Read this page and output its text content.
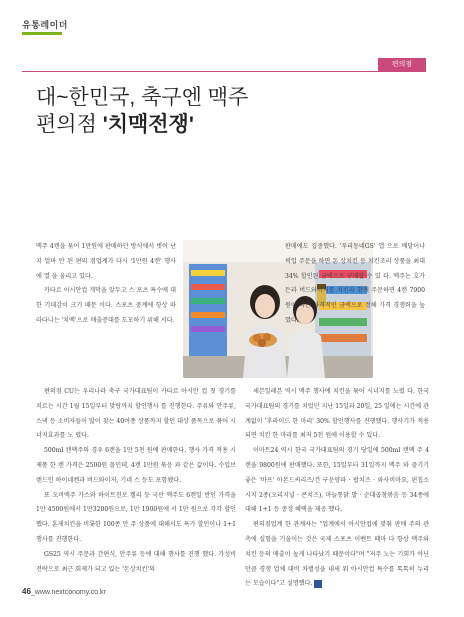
유통레이더
편의점
대~한민국, 축구엔 맥주
편의점 '치맥전쟁'

맥주 4캔을 묶어 1만원에 판매하던 방식에서 벗어 난지 얼마 안 된 편의 점업계가 다시 '1만원 4캔' 행사에 열 을 올리고 있다.

카타르 아시안컵 개막을 앞두고 스 포츠 특수에 대한 기대감이 크기 때문 이다. 스포츠 중계에 항상 따라다니는 '치맥'으로 매출증대를 도모하기 위해 서다.

편의점 CU는 우리나라 축구 국가대표팀이 카타르 아시안 컵 첫 경기를 치르는 시간 1월 15일부터 맞랑까지 할인행사 를 진행한다. 주류와 안주류, 스낵 등 소비자들이 많이 찾는 40여종 상품까지 할인 대상 품목으로 묶어 시너지효과를 노 렸다.

500ml 캔맥주의 경우 6캔을 1만 5천 원에 판매한다. 행사 가격 적용 시 제품 한 캔 가격은 2500원 꼴인데, 4캔 1만원 묶음 과 같은 값이다. 수입브랜드인 하이네켄과 버드와이저, 기네 스 등도 포함됐다.

또 오비맥주 카스와 하이트진로 켈리 등 국산 맥주도 6캔일 반인 가격을 1만 4500원에서 1만3200원으로, 1만 1900원에 서 1만 원으로 각각 할인했다. 훈제치킨을 비롯한 100종 안 주 상품에 대해서도 특가 할인이나 1+1 행사를 진행한다.

GS25 역시 주문과 간편식, 안주류 등에 대해 행사를 진행 했다. 가성비 전략으로 최근 회제가 되고 있는 '돈상치킨'의

판매에도 집중했다. '우리동네GS' 앱 으로 배달이나 픽업 주문을 하면 돈 상치킨 등 치킨조리 상품을 최대 34% 할인된 금액으로 구매할 수 있 다. 맥주는 호가든과 버드와이저를 치킨과 함께 주문하면 4캔 7900원이 라는 파격적인 금액으로 정해 가격 경쟁력을 높였다.

세븐일레븐 역시 맥주 행사에 치킨을 묶어 시너지를 노렸 다. 한국 국가대표팀의 경기를 치렀던 지난 15일과 20일, 25 일에는 시간에 관계없이 '후라이드 한 마리' 30% 할인행사를 진행했다. 행사기가 적용되면 치킨 한 마리를 최저 5천 원에 이용할 수 있다.

이마트24 역시 한국 국가대표팀의 경기 당일에 500ml 캔맥 주 4캔을 9800원에 판매했다. 또한, 15일부터 31일까지 맥주 와 즐기기 좋은 '바프' 아몬드씨리즈/건 구운양파 · 팝치즈 · 와사비마요, 핀칩소시지 2종(오리지널 · 콘치즈), 마늘통닭 발 · 순대곱창볶음 등 34종에 대해 1+1 등 중정 혜택을 제공 했다.

편의점업계 한 관계자는 "업계에서 아시안컵에 맞춰 판매 주의 관측에 실험을 기울이는 것은 국제 스포츠 이벤트 때마 다 항상 맥주와 치킨 등의 매출이 높게 나타났기 때문이다"며 "저주 노는 기회가 아닌 만큼 경쟁 업체 대비 차별성을 내세 워 아시안컵 특수를 톡톡히 누리는 모습이다"고 설명했다. N

46_www.nextconomy.co.kr
